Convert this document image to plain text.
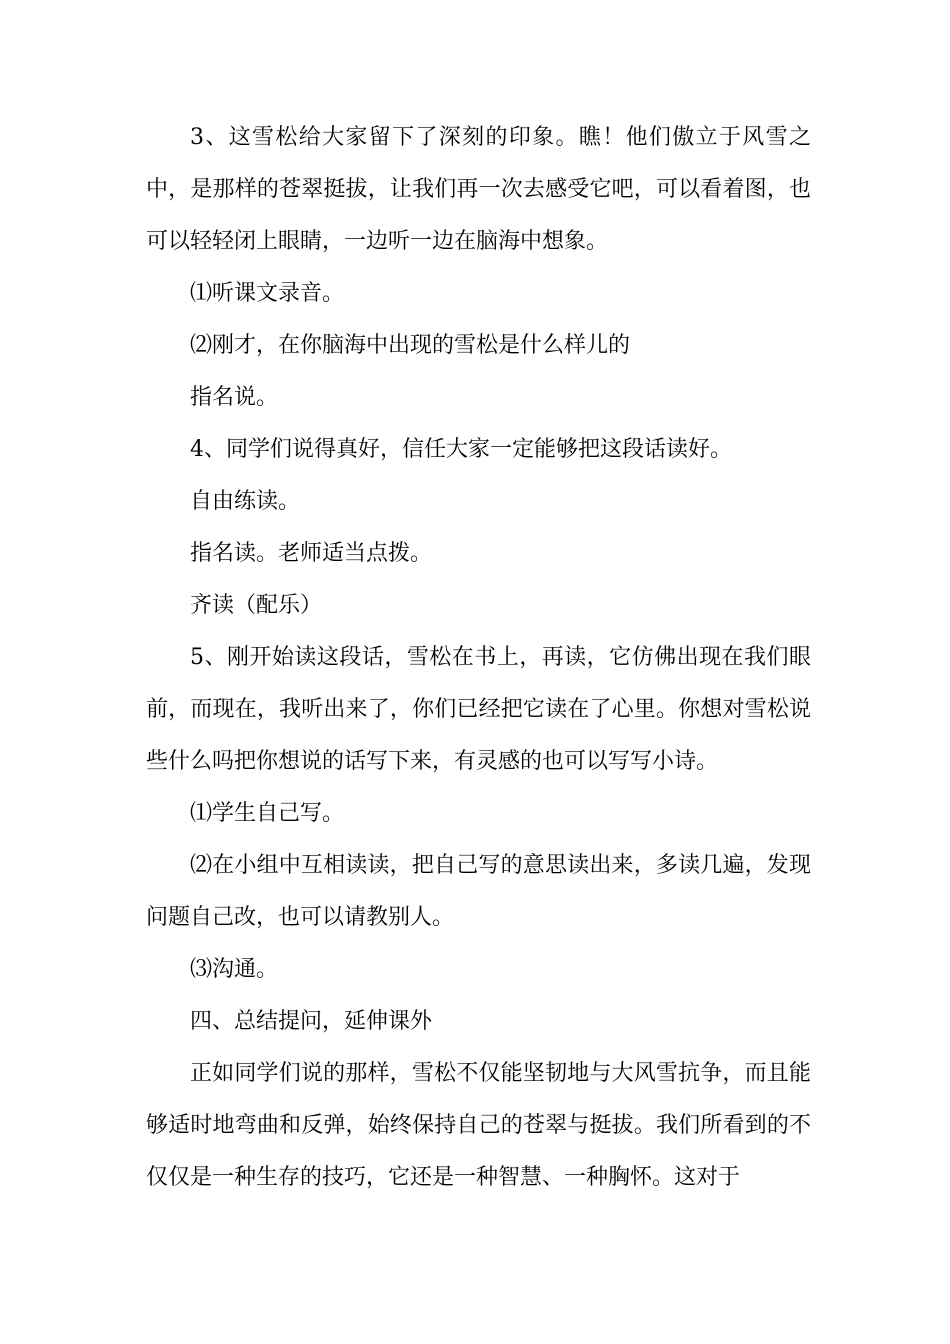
3、这雪松给大家留下了深刻的印象。瞧！他们傲立于风雪之中，是那样的苍翠挺拔，让我们再一次去感受它吧，可以看着图，也可以轻轻闭上眼睛，一边听一边在脑海中想象。

⑴听课文录音。

⑵刚才，在你脑海中出现的雪松是什么样儿的

指名说。

4、同学们说得真好，信任大家一定能够把这段话读好。

自由练读。

指名读。老师适当点拨。

齐读（配乐）

5、刚开始读这段话，雪松在书上，再读，它仿佛出现在我们眼前，而现在，我听出来了，你们已经把它读在了心里。你想对雪松说些什么吗把你想说的话写下来，有灵感的也可以写写小诗。

⑴学生自己写。

⑵在小组中互相读读，把自己写的意思读出来，多读几遍，发现问题自己改，也可以请教别人。

⑶沟通。

四、总结提问，延伸课外

正如同学们说的那样，雪松不仅能坚韧地与大风雪抗争，而且能够适时地弯曲和反弹，始终保持自己的苍翠与挺拔。我们所看到的不仅仅是一种生存的技巧，它还是一种智慧、一种胸怀。这对于
